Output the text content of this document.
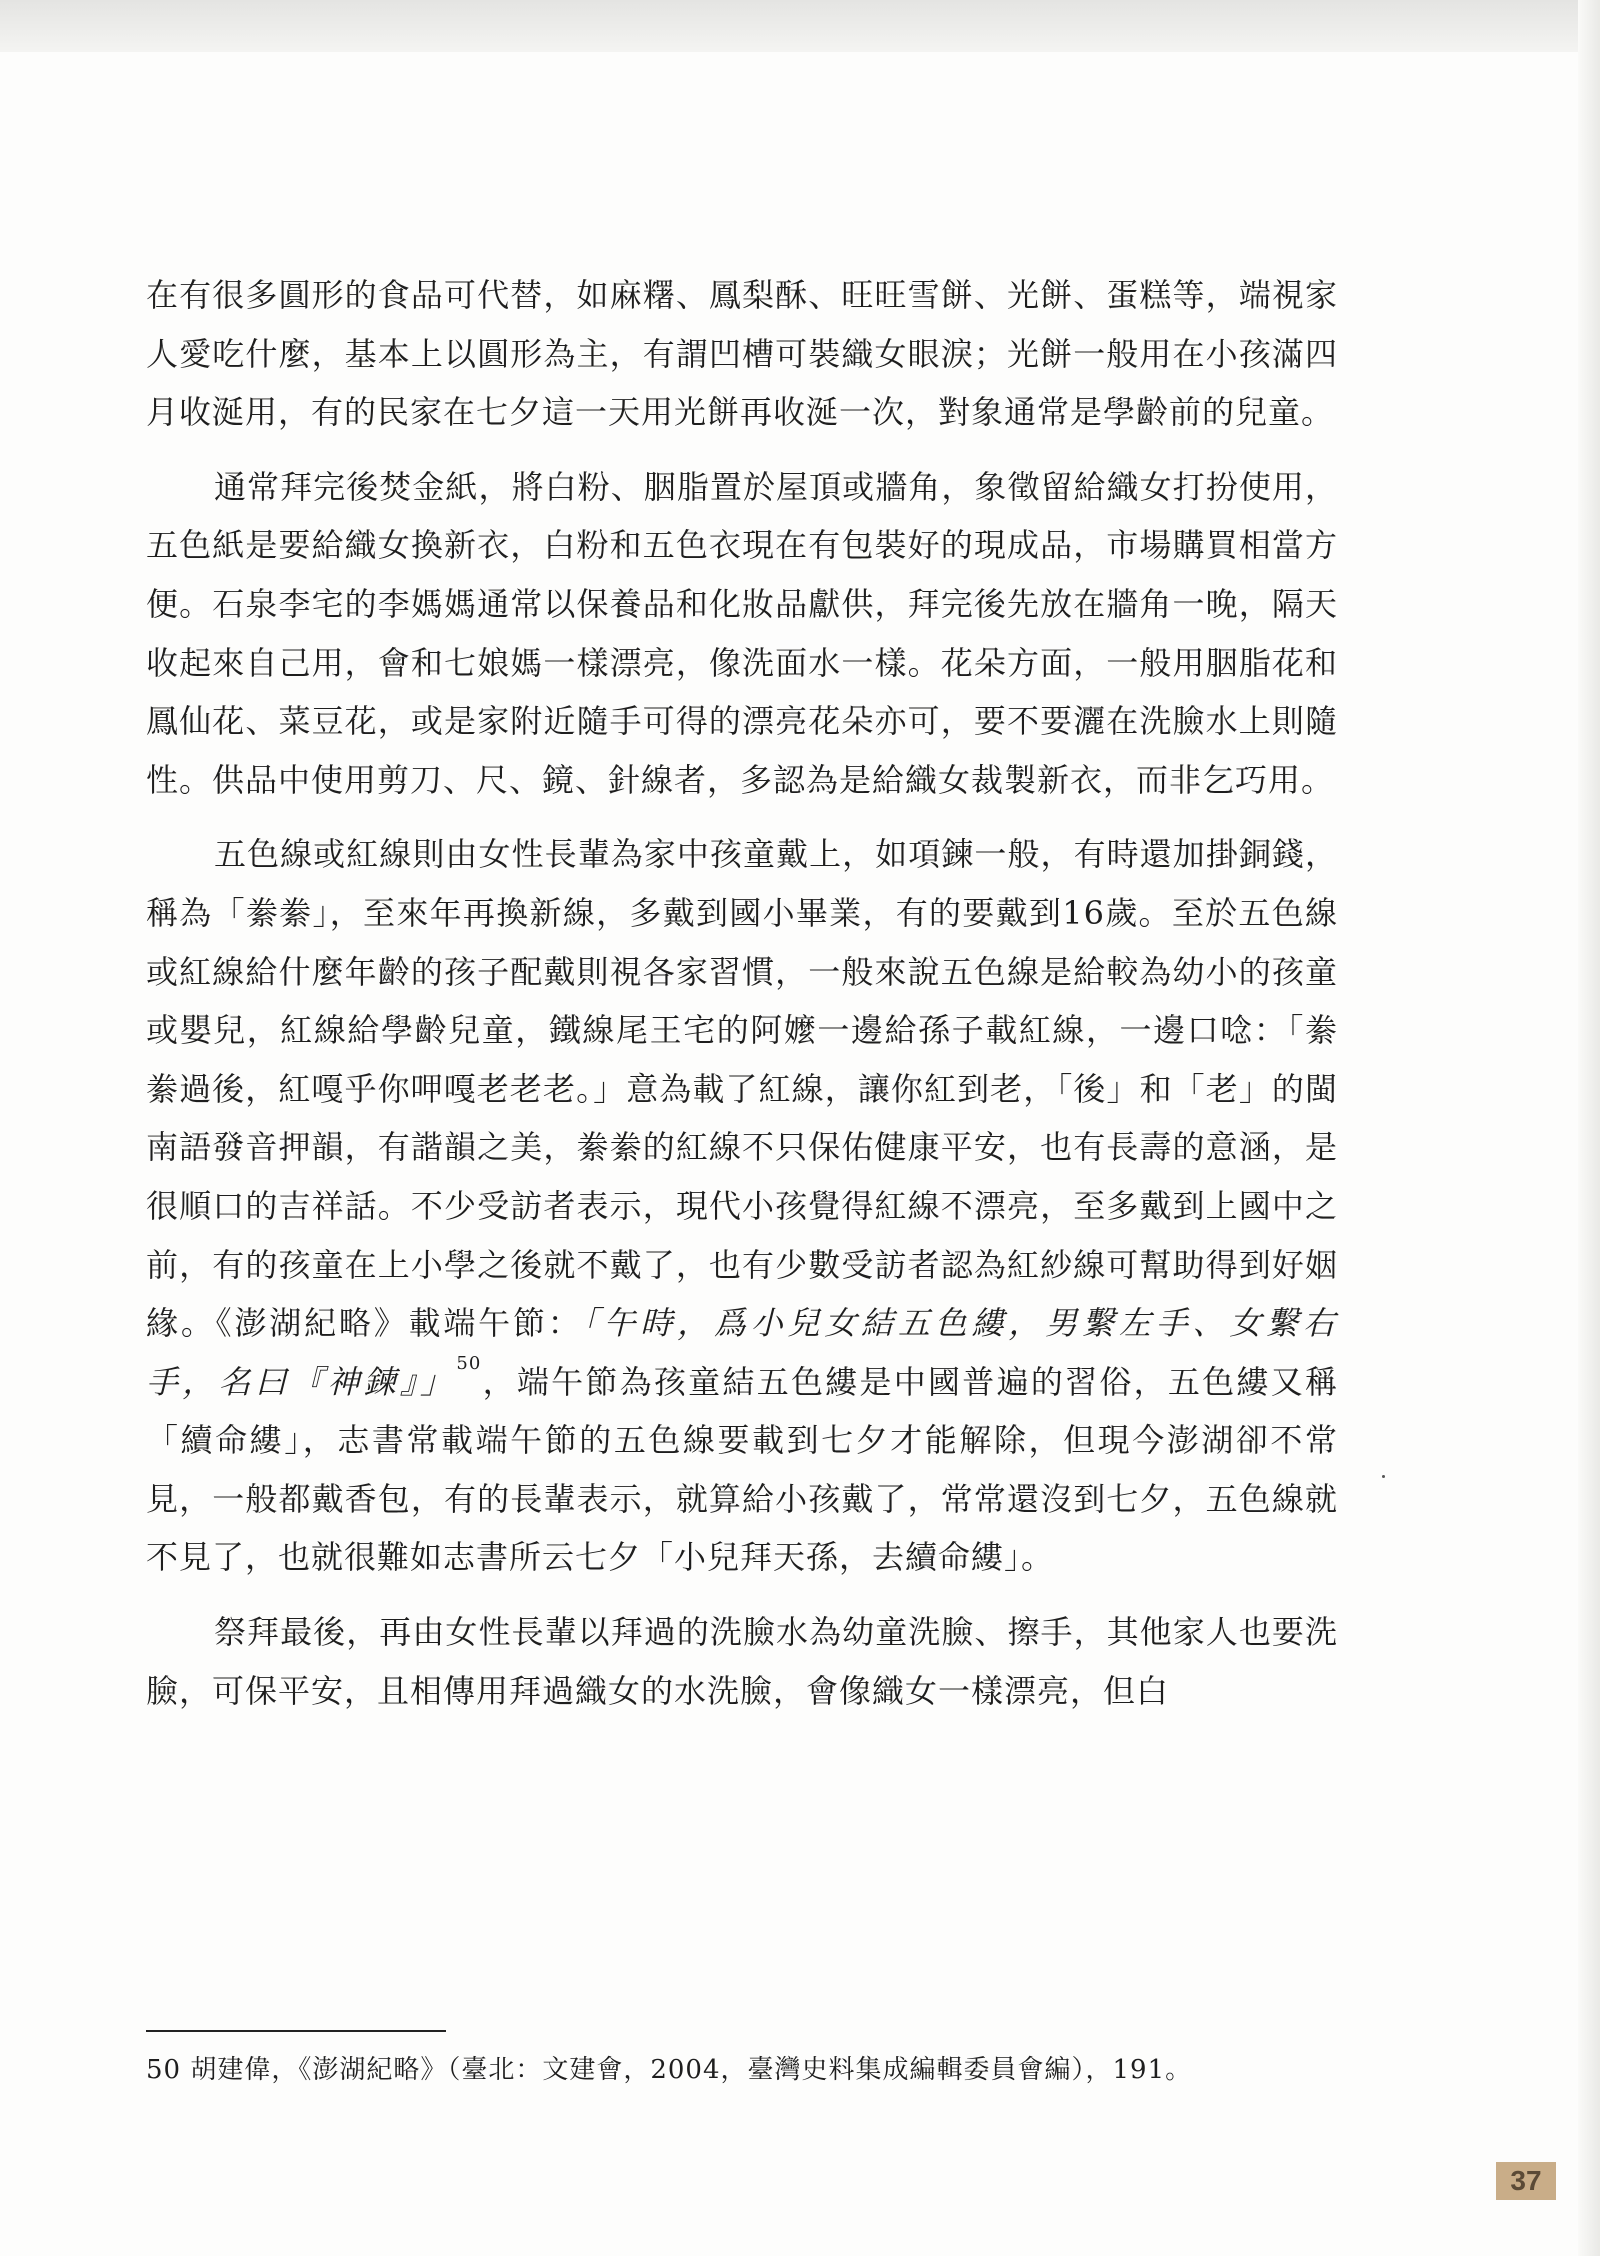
在有很多圓形的食品可代替，如麻糬、鳳梨酥、旺旺雪餅、光餅、蛋糕等，端視家人愛吃什麼，基本上以圓形為主，有謂凹槽可裝織女眼淚；光餅一般用在小孩滿四月收涎用，有的民家在七夕這一天用光餅再收涎一次，對象通常是學齡前的兒童。

通常拜完後焚金紙，將白粉、胭脂置於屋頂或牆角，象徵留給織女打扮使用，五色紙是要給織女換新衣，白粉和五色衣現在有包裝好的現成品，市場購買相當方便。石泉李宅的李媽媽通常以保養品和化妝品獻供，拜完後先放在牆角一晚，隔天收起來自己用，會和七娘媽一樣漂亮，像洗面水一樣。花朵方面，一般用胭脂花和鳳仙花、菜豆花，或是家附近隨手可得的漂亮花朵亦可，要不要灑在洗臉水上則隨性。供品中使用剪刀、尺、鏡、針線者，多認為是給織女裁製新衣，而非乞巧用。

五色線或紅線則由女性長輩為家中孩童戴上，如項鍊一般，有時還加掛銅錢，稱為「絭絭」，至來年再換新線，多戴到國小畢業，有的要戴到16歲。至於五色線或紅線給什麼年齡的孩子配戴則視各家習慣，一般來說五色線是給較為幼小的孩童或嬰兒，紅線給學齡兒童，鐵線尾王宅的阿嬤一邊給孫子載紅線，一邊口唸：「絭絭過後，紅嘎乎你呷嘎老老老。」意為載了紅線，讓你紅到老，「後」和「老」的閩南語發音押韻，有諧韻之美，絭絭的紅線不只保佑健康平安，也有長壽的意涵，是很順口的吉祥話。不少受訪者表示，現代小孩覺得紅線不漂亮，至多戴到上國中之前，有的孩童在上小學之後就不戴了，也有少數受訪者認為紅紗線可幫助得到好姻緣。《澎湖紀略》載端午節：「午時，爲小兒女結五色縷，男繫左手、女繫右手，名曰『神鍊』」$^{50}$，端午節為孩童結五色縷是中國普遍的習俗，五色縷又稱「續命縷」，志書常載端午節的五色線要載到七夕才能解除，但現今澎湖卻不常見，一般都戴香包，有的長輩表示，就算給小孩戴了，常常還沒到七夕，五色線就不見了，也就很難如志書所云七夕「小兒拜天孫，去續命縷」。

祭拜最後，再由女性長輩以拜過的洗臉水為幼童洗臉、擦手，其他家人也要洗臉，可保平安，且相傳用拜過織女的水洗臉，會像織女一樣漂亮，但白

50 胡建偉，《澎湖紀略》（臺北：文建會，2004，臺灣史料集成編輯委員會編），191。
37
